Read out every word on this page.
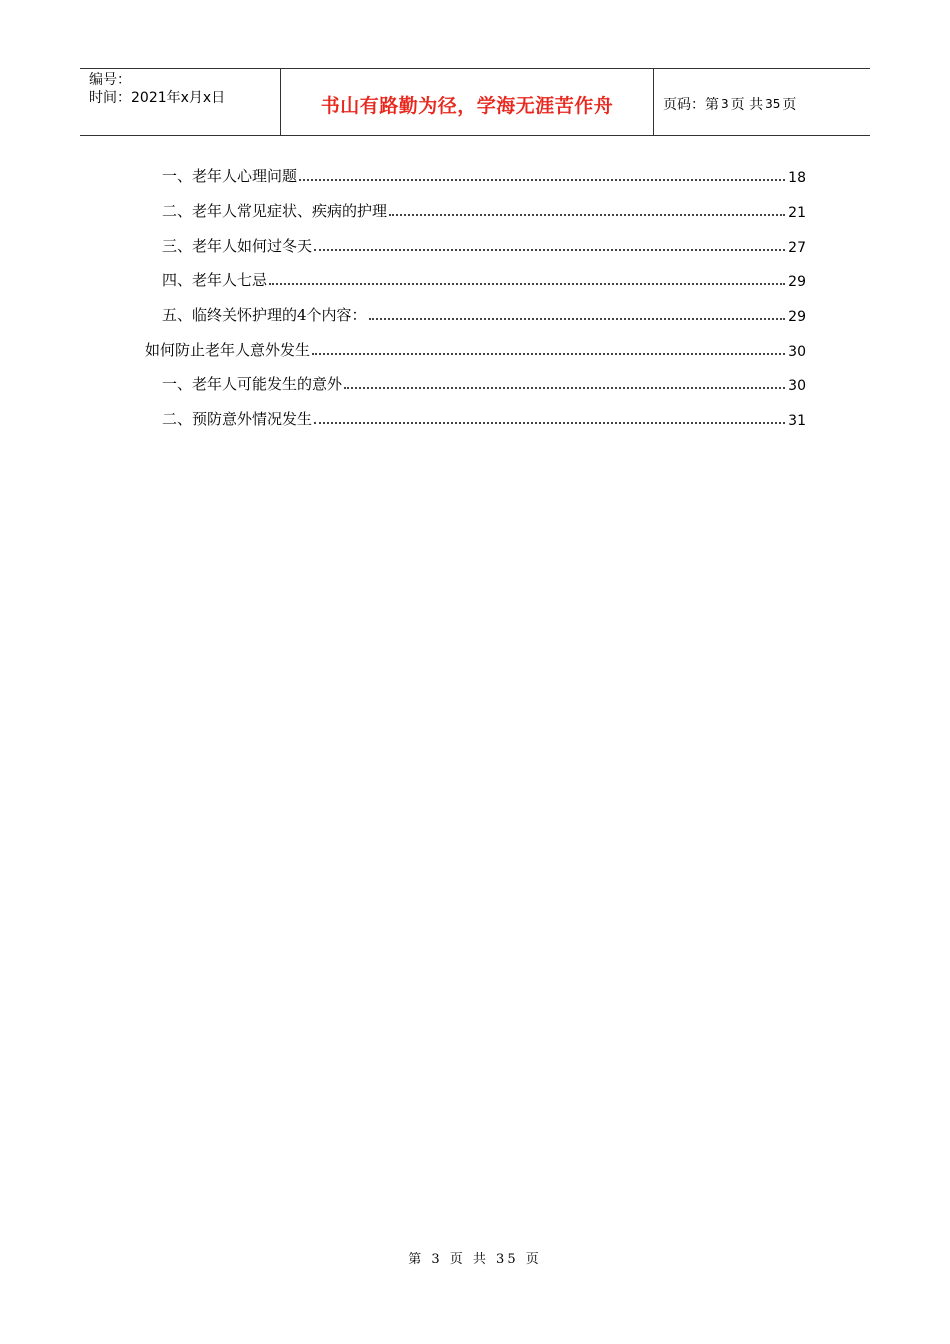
编号：
时间：2021年x月x日	书山有路勤为径，学海无涯苦作舟	页码：第 3 页 共 35 页
一、老年人心理问题	18
二、老年人常见症状、疾病的护理	21
三、老年人如何过冬天	27
四、老年人七忌	29
五、临终关怀护理的4个内容：	29
如何防止老年人意外发生	30
一、老年人可能发生的意外	30
二、预防意外情况发生	31
第 3 页 共 35 页
